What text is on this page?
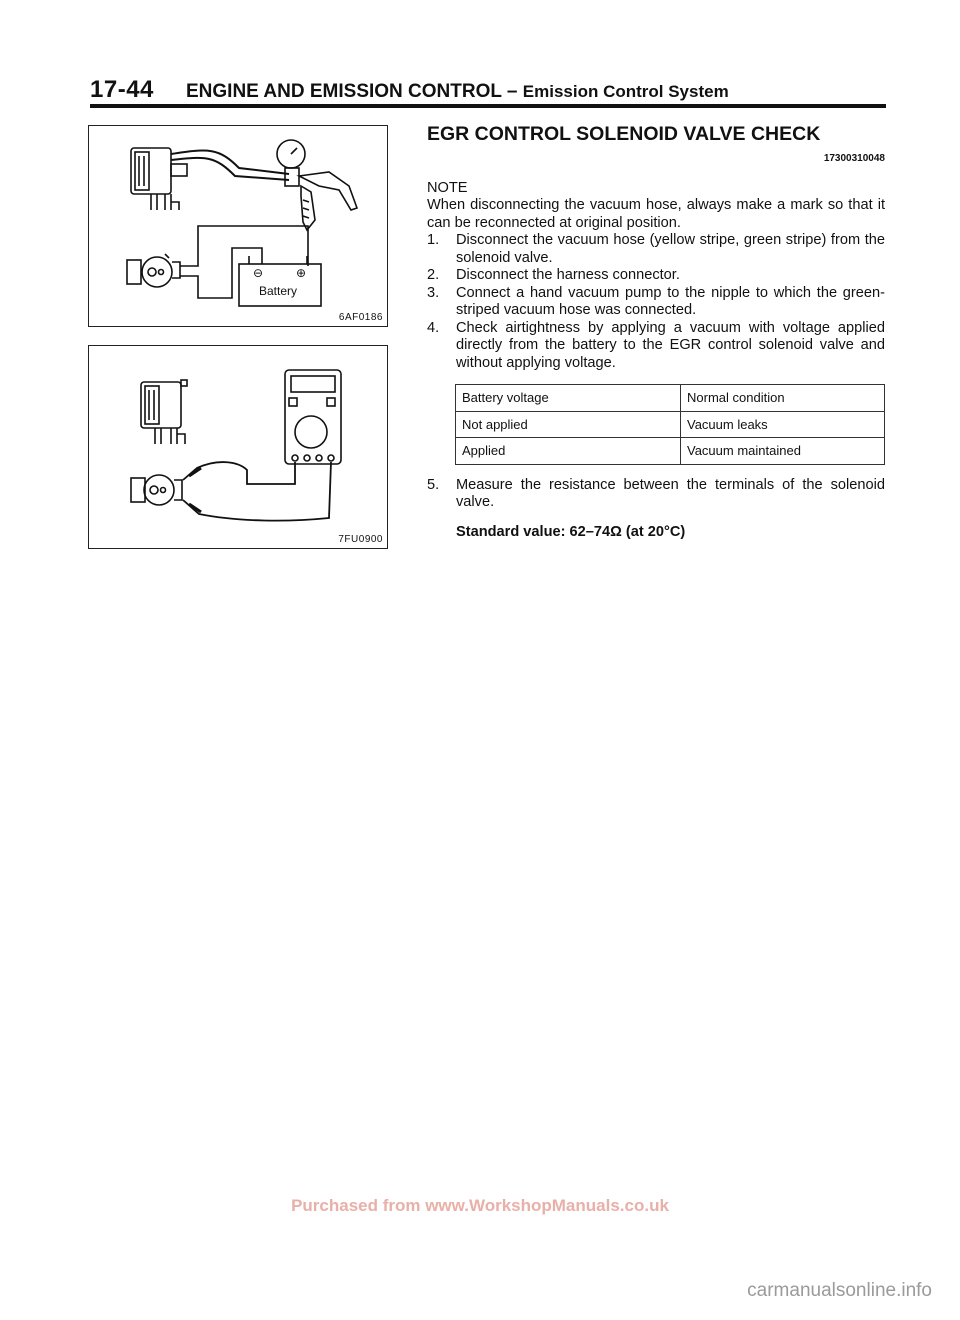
17-44 ENGINE AND EMISSION CONTROL – Emission Control System
⊖	⊕
Battery
6AF0186
7FU0900
EGR CONTROL SOLENOID VALVE CHECK
17300310048
NOTE
When disconnecting the vacuum hose, always make a mark so that it can be reconnected at original position.
1. Disconnect the vacuum hose (yellow stripe, green stripe) from the solenoid valve.
2. Disconnect the harness connector.
3. Connect a hand vacuum pump to the nipple to which the green-striped vacuum hose was connected.
4. Check airtightness by applying a vacuum with voltage applied directly from the battery to the EGR control solenoid valve and without applying voltage.
Battery voltage	Normal condition
Not applied	Vacuum leaks
Applied	Vacuum maintained
5. Measure the resistance between the terminals of the solenoid valve.
Standard value: 62–74Ω (at 20°C)
Purchased from www.WorkshopManuals.co.uk
carmanualsonline.info
